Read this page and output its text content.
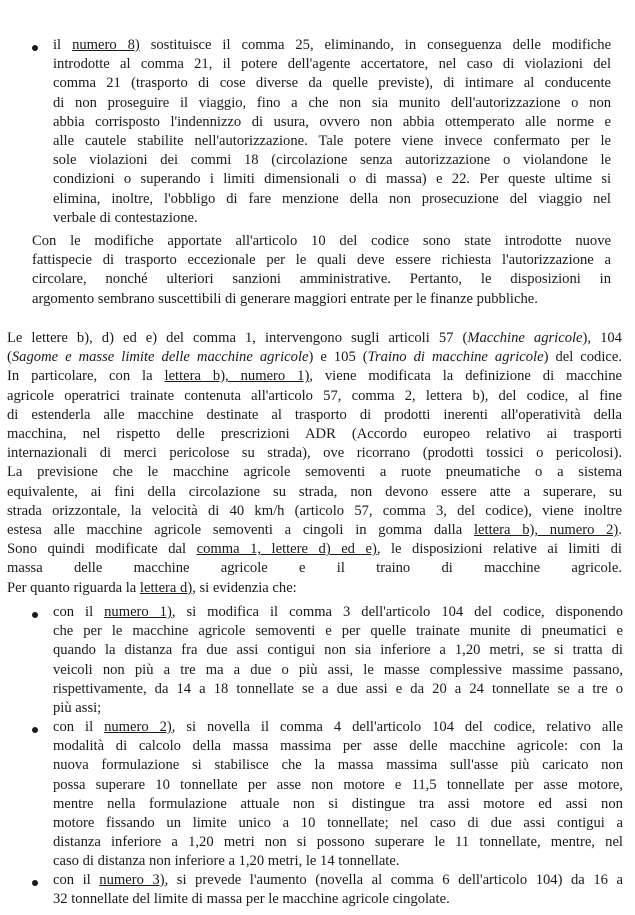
il numero 8) sostituisce il comma 25, eliminando, in conseguenza delle modifiche
introdotte al comma 21, il potere dell'agente accertatore, nel caso di violazioni del
comma 21 (trasporto di cose diverse da quelle previste), di intimare al conducente
di non proseguire il viaggio, fino a che non sia munito dell'autorizzazione o non
abbia corrisposto l'indennizzo di usura, ovvero non abbia ottemperato alle norme e
alle cautele stabilite nell'autorizzazione. Tale potere viene invece confermato per le
sole violazioni dei commi 18 (circolazione senza autorizzazione o violandone le
condizioni o superando i limiti dimensionali o di massa) e 22. Per queste ultime si
elimina, inoltre, l'obbligo di fare menzione della non prosecuzione del viaggio nel
verbale di contestazione.
Con le modifiche apportate all'articolo 10 del codice sono state introdotte nuove
fattispecie di trasporto eccezionale per le quali deve essere richiesta l'autorizzazione a
circolare, nonché ulteriori sanzioni amministrative. Pertanto, le disposizioni in
argomento sembrano suscettibili di generare maggiori entrate per le finanze pubbliche.
Le lettere b), d) ed e) del comma 1, intervengono sugli articoli 57 (Macchine agricole), 104
(Sagome e masse limite delle macchine agricole) e 105 (Traino di macchine agricole) del codice.
In particolare, con la lettera b), numero 1), viene modificata la definizione di macchine
agricole operatrici trainate contenuta all'articolo 57, comma 2, lettera b), del codice, al fine
di estenderla alle macchine destinate al trasporto di prodotti inerenti all'operatività della
macchina, nel rispetto delle prescrizioni ADR (Accordo europeo relativo ai trasporti
internazionali di merci pericolose su strada), ove ricorrano (prodotti tossici o pericolosi).
La previsione che le macchine agricole semoventi a ruote pneumatiche o a sistema
equivalente, ai fini della circolazione su strada, non devono essere atte a superare, su
strada orizzontale, la velocità di 40 km/h (articolo 57, comma 3, del codice), viene inoltre
estesa alle macchine agricole semoventi a cingoli in gomma dalla lettera b), numero 2).
Sono quindi modificate dal comma 1, lettere d) ed e), le disposizioni relative ai limiti di
massa delle macchine agricole e il traino di macchine agricole.
Per quanto riguarda la lettera d), si evidenzia che:
con il numero 1), si modifica il comma 3 dell'articolo 104 del codice, disponendo
che per le macchine agricole semoventi e per quelle trainate munite di pneumatici e
quando la distanza fra due assi contigui non sia inferiore a 1,20 metri, se si tratta di
veicoli non più a tre ma a due o più assi, le masse complessive massime passano,
rispettivamente, da 14 a 18 tonnellate se a due assi e da 20 a 24 tonnellate se a tre o
più assi;
con il numero 2), si novella il comma 4 dell'articolo 104 del codice, relativo alle
modalità di calcolo della massa massima per asse delle macchine agricole: con la
nuova formulazione si stabilisce che la massa massima sull'asse più caricato non
possa superare 10 tonnellate per asse non motore e 11,5 tonnellate per asse motore,
mentre nella formulazione attuale non si distingue tra assi motore ed assi non
motore fissando un limite unico a 10 tonnellate; nel caso di due assi contigui a
distanza inferiore a 1,20 metri non si possono superare le 11 tonnellate, mentre, nel
caso di distanza non inferiore a 1,20 metri, le 14 tonnellate.
con il numero 3), si prevede l'aumento (novella al comma 6 dell'articolo 104) da 16 a
32 tonnellate del limite di massa per le macchine agricole cingolate.
